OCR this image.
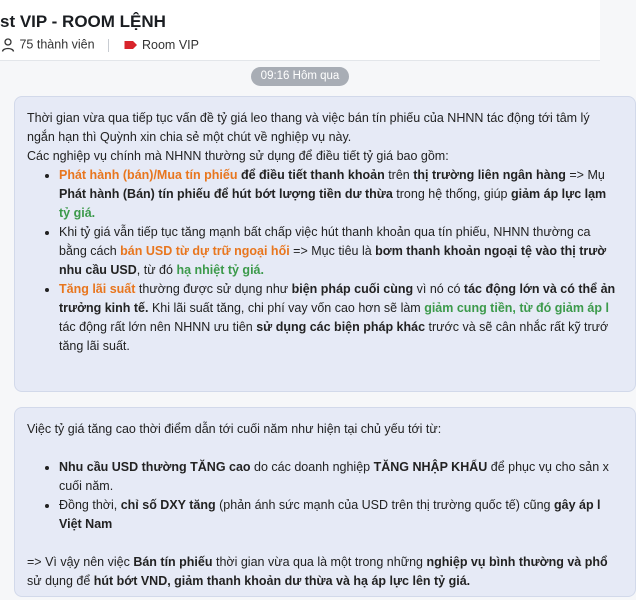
st VIP - ROOM LỆNH
75 thành viên	Room VIP
09:16 Hôm qua

Thời gian vừa qua tiếp tục vấn đề tỷ giá leo thang và việc bán tín phiếu của NHNN tác động tới tâm lý

ngắn hạn thì Quỳnh xin chia sẻ một chút về nghiệp vụ này.

Các nghiệp vụ chính mà NHNN thường sử dụng để điều tiết tỷ giá bao gồm:

• Phát hành (bán)/Mua tín phiếu để điều tiết thanh khoản trên thị trường liên ngân hàng => Mụ
Phát hành (Bán) tín phiếu để hút bớt lượng tiền dư thừa trong hệ thống, giúp giảm áp lực lạm
tỷ giá.
• Khi tỷ giá vẫn tiếp tục tăng mạnh bất chấp việc hút thanh khoản qua tín phiếu, NHNN thường ca
bằng cách bán USD từ dự trữ ngoại hối => Mục tiêu là bơm thanh khoản ngoại tệ vào thị trườ
nhu cầu USD, từ đó hạ nhiệt tỷ giá.
• Tăng lãi suất thường được sử dụng như biện pháp cuối cùng vì nó có tác động lớn và có thể ản
trưởng kinh tế. Khi lãi suất tăng, chi phí vay vốn cao hơn sẽ làm giảm cung tiền, từ đó giảm áp l
tác động rất lớn nên NHNN ưu tiên sử dụng các biện pháp khác trước và sẽ cân nhắc rất kỹ trướ
tăng lãi suất.

Việc tỷ giá tăng cao thời điểm dẫn tới cuối năm như hiện tại chủ yếu tới từ:

• Nhu cầu USD thường TĂNG cao do các doanh nghiệp TĂNG NHẬP KHẨU để phục vụ cho sản x
cuối năm.
• Đồng thời, chỉ số DXY tăng (phản ánh sức mạnh của USD trên thị trường quốc tế) cũng gây áp l
Việt Nam

=> Vì vậy nên việc Bán tín phiếu thời gian vừa qua là một trong những nghiệp vụ bình thường và phổ

sử dụng để hút bớt VND, giảm thanh khoản dư thừa và hạ áp lực lên tỷ giá.
